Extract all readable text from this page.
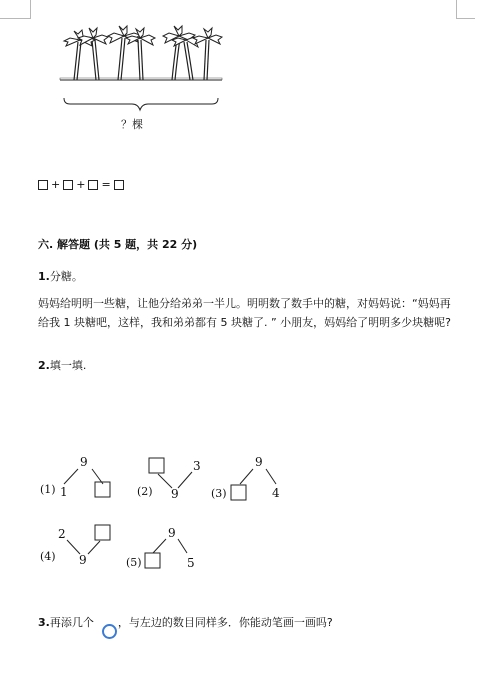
？棵
+ + =
六. 解答题 (共 5 题，共 22 分)
1.分糖。
妈妈给明明一些糖，让他分给弟弟一半儿。明明数了数手中的糖，对妈妈说：“妈妈再给我 1 块糖吧，这样，我和弟弟都有 5 块糖了. ” 小朋友，妈妈给了明明多少块糖呢?
2.填一填.
(1)
9
1	(2)
3
9	(3)
9
4
(4)
2
9	(5)
9
5
3.再添几个 ，与左边的数目同样多．你能动笔画一画吗?
